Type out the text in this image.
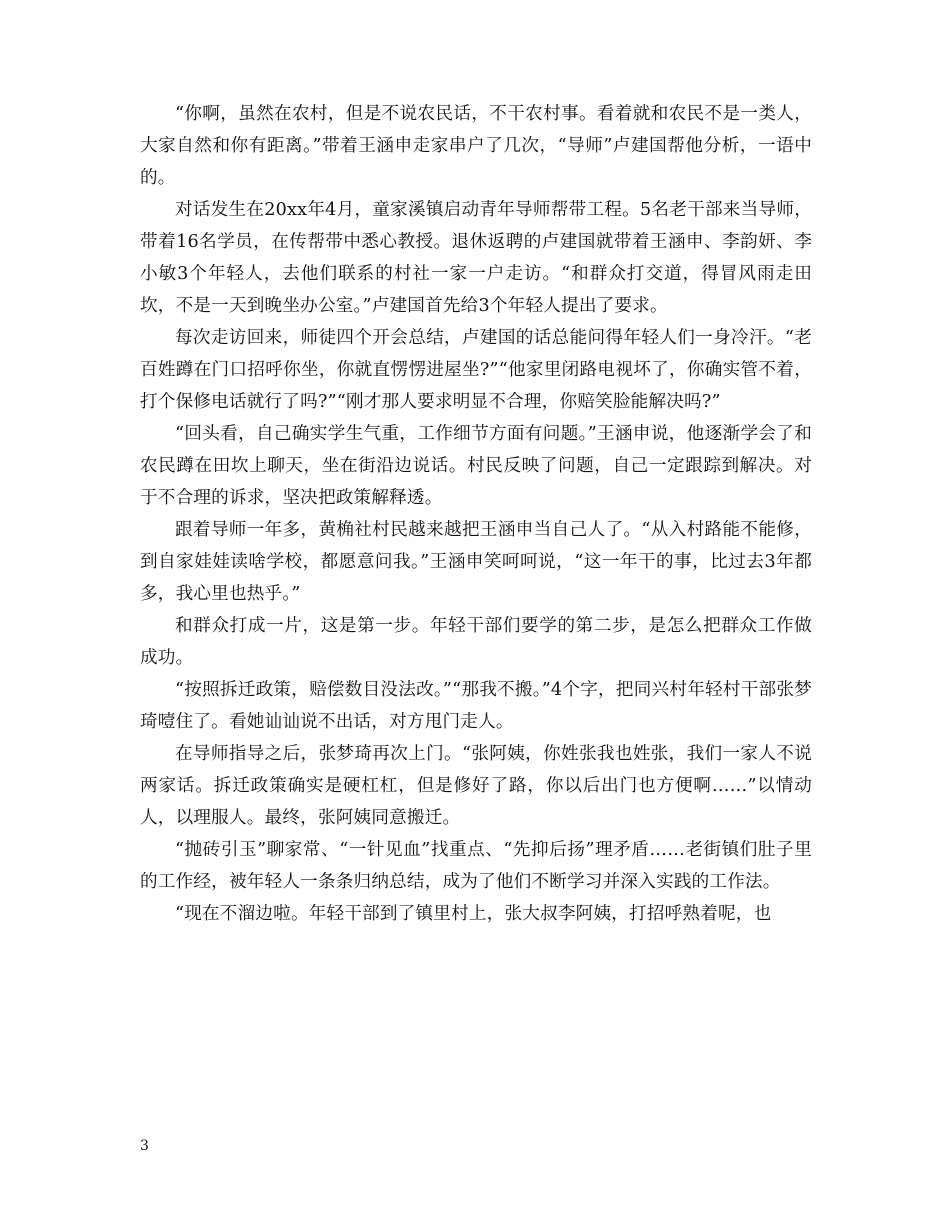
“你啊，虽然在农村，但是不说农民话，不干农村事。看着就和农民不是一类人，大家自然和你有距离。”带着王涵申走家串户了几次，“导师”卢建国帮他分析，一语中的。

对话发生在20xx年4月，童家溪镇启动青年导师帮带工程。5名老干部来当导师，带着16名学员，在传帮带中悉心教授。退休返聘的卢建国就带着王涵申、李韵妍、李小敏3个年轻人，去他们联系的村社一家一户走访。“和群众打交道，得冒风雨走田坎，不是一天到晚坐办公室。”卢建国首先给3个年轻人提出了要求。

每次走访回来，师徒四个开会总结，卢建国的话总能问得年轻人们一身冷汗。“老百姓蹲在门口招呼你坐，你就直愣愣进屋坐?”“他家里闭路电视坏了，你确实管不着，打个保修电话就行了吗?”“刚才那人要求明显不合理，你赔笑脸能解决吗?”

“回头看，自己确实学生气重，工作细节方面有问题。”王涵申说，他逐渐学会了和农民蹲在田坎上聊天，坐在街沿边说话。村民反映了问题，自己一定跟踪到解决。对于不合理的诉求，坚决把政策解释透。

跟着导师一年多，黄桷社村民越来越把王涵申当自己人了。“从入村路能不能修，到自家娃娃读啥学校，都愿意问我。”王涵申笑呵呵说，“这一年干的事，比过去3年都多，我心里也热乎。”

和群众打成一片，这是第一步。年轻干部们要学的第二步，是怎么把群众工作做成功。

“按照拆迁政策，赔偿数目没法改。”“那我不搬。”4个字，把同兴村年轻村干部张梦琦噎住了。看她讪讪说不出话，对方甩门走人。

在导师指导之后，张梦琦再次上门。“张阿姨，你姓张我也姓张，我们一家人不说两家话。拆迁政策确实是硬杠杠，但是修好了路，你以后出门也方便啊……”以情动人，以理服人。最终，张阿姨同意搬迁。

“抛砖引玉”聊家常、“一针见血”找重点、“先抑后扬”理矛盾……老街镇们肚子里的工作经，被年轻人一条条归纳总结，成为了他们不断学习并深入实践的工作法。

“现在不溜边啦。年轻干部到了镇里村上，张大叔李阿姨，打招呼熟着呢，也

3
